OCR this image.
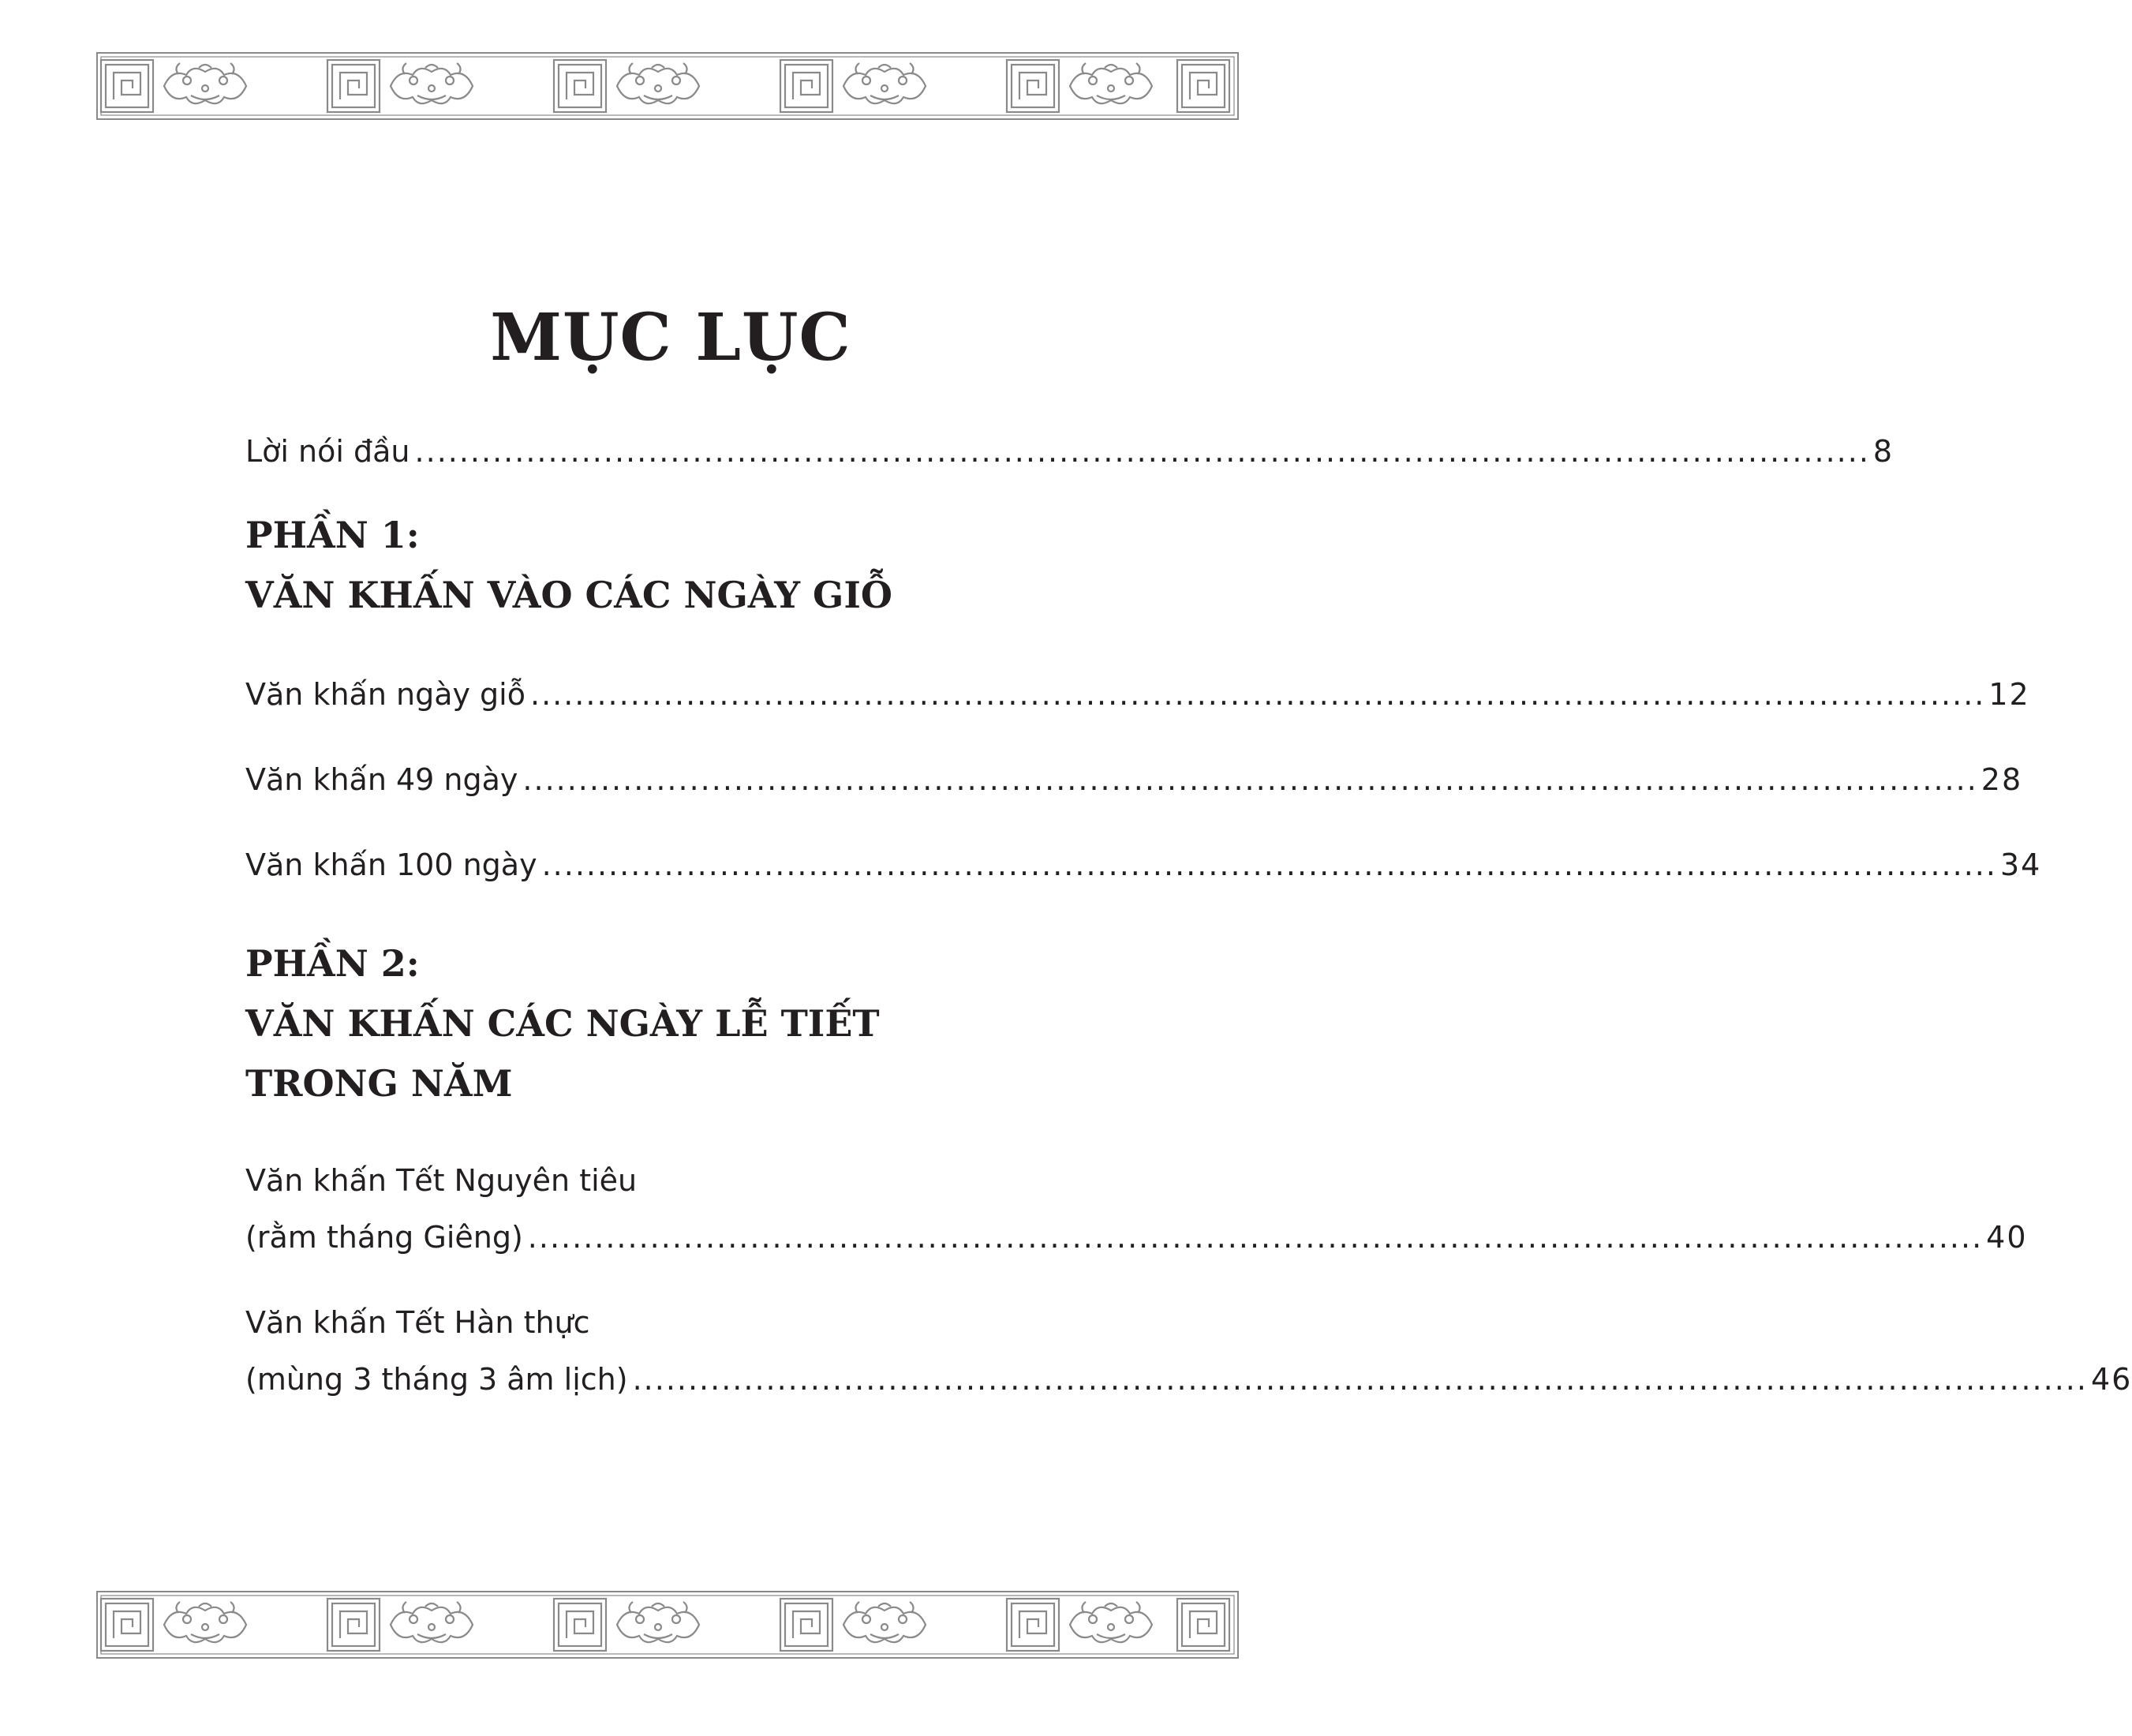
MỤC LỤC
Lời nói đầu ................................................................................................................................... 8
PHẦN 1:
VĂN KHẤN VÀO CÁC NGÀY GIỖ
Văn khấn ngày giỗ ................................................................................................................................... 12
Văn khấn 49 ngày ................................................................................................................................... 28
Văn khấn 100 ngày ................................................................................................................................... 34
PHẦN 2:
VĂN KHẤN CÁC NGÀY LỄ TIẾT
TRONG NĂM
Văn khấn Tết Nguyên tiêu
(rằm tháng Giêng) ................................................................................................................................... 40
Văn khấn Tết Hàn thực
(mùng 3 tháng 3 âm lịch) ................................................................................................................................... 46
